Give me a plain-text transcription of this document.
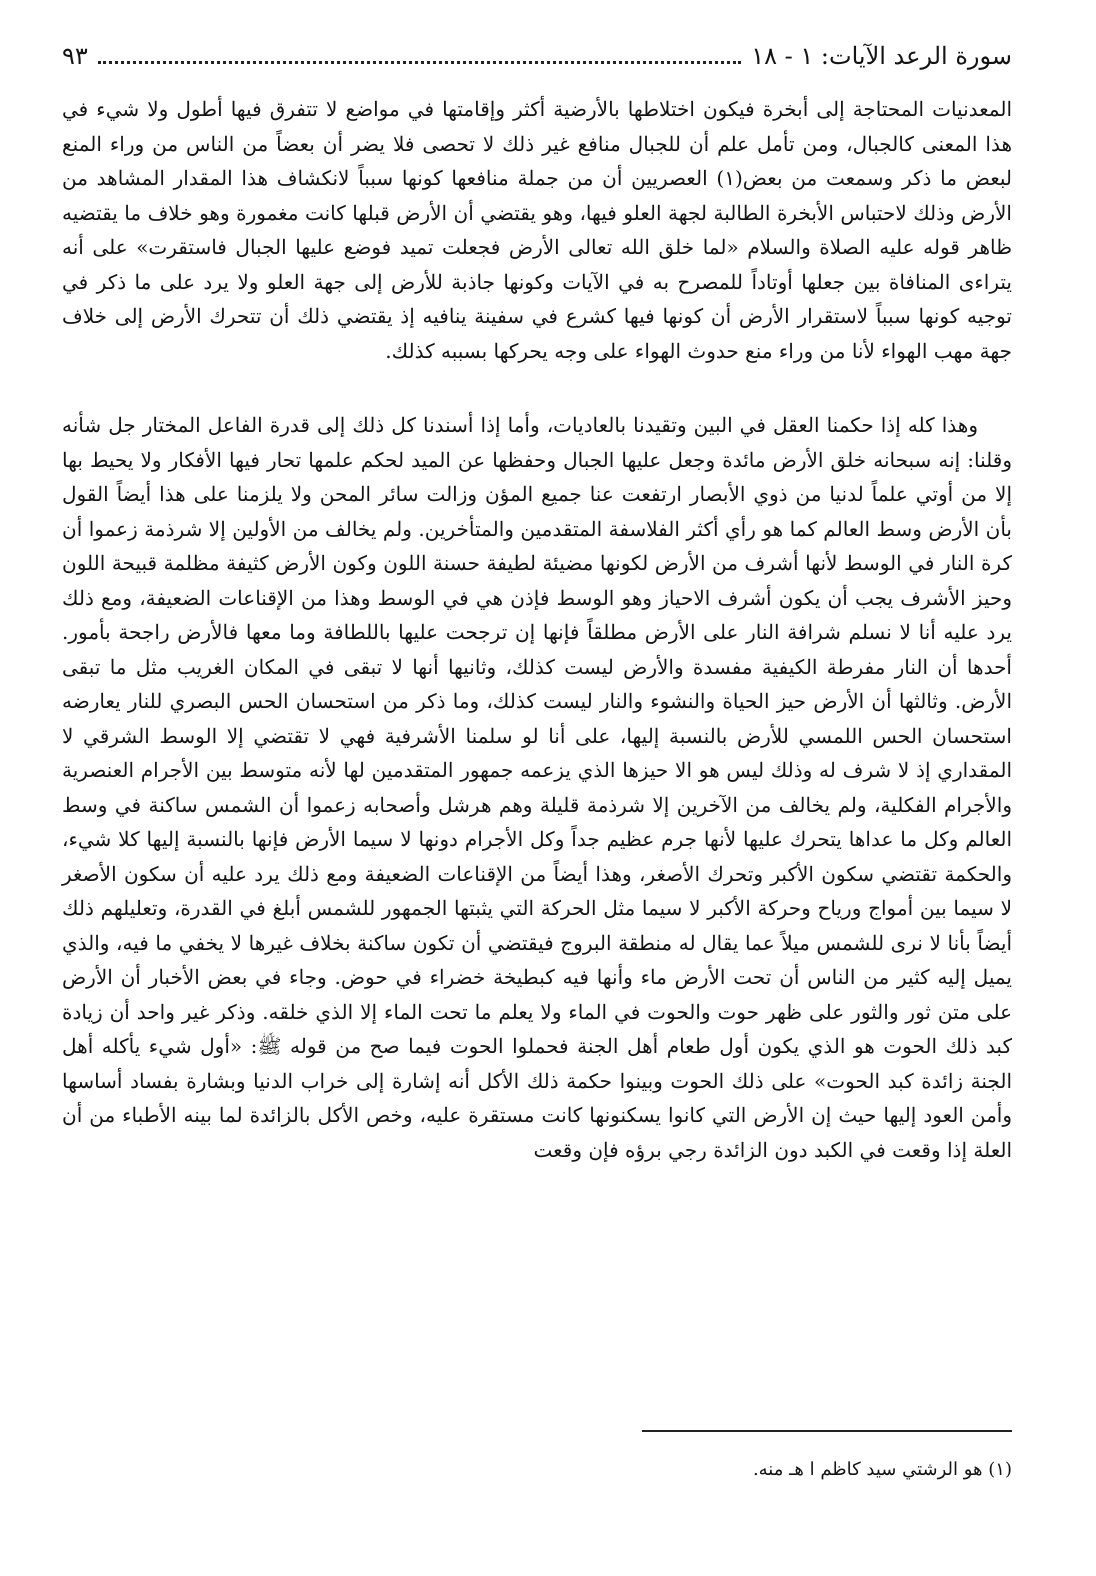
سورة الرعد الآيات: ١ - ١٨
٩٣

المعدنيات المحتاجة إلى أبخرة فيكون اختلاطها بالأرضية أكثر وإقامتها في مواضع لا تتفرق فيها أطول ولا شيء في هذا المعنى كالجبال، ومن تأمل علم أن للجبال منافع غير ذلك لا تحصى فلا يضر أن بعضاً من الناس من وراء المنع لبعض ما ذكر وسمعت من بعض(١) العصريين أن من جملة منافعها كونها سبباً لانكشاف هذا المقدار المشاهد من الأرض وذلك لاحتباس الأبخرة الطالبة لجهة العلو فيها، وهو يقتضي أن الأرض قبلها كانت مغمورة وهو خلاف ما يقتضيه ظاهر قوله عليه الصلاة والسلام «لما خلق الله تعالى الأرض فجعلت تميد فوضع عليها الجبال فاستقرت» على أنه يتراءى المنافاة بين جعلها أوتاداً للمصرح به في الآيات وكونها جاذبة للأرض إلى جهة العلو ولا يرد على ما ذكر في توجيه كونها سبباً لاستقرار الأرض أن كونها فيها كشرع في سفينة ينافيه إذ يقتضي ذلك أن تتحرك الأرض إلى خلاف جهة مهب الهواء لأنا من وراء منع حدوث الهواء على وجه يحركها بسببه كذلك.

وهذا كله إذا حكمنا العقل في البين وتقيدنا بالعاديات، وأما إذا أسندنا كل ذلك إلى قدرة الفاعل المختار جل شأنه وقلنا: إنه سبحانه خلق الأرض مائدة وجعل عليها الجبال وحفظها عن الميد لحكم علمها تحار فيها الأفكار ولا يحيط بها إلا من أوتي علماً لدنيا من ذوي الأبصار ارتفعت عنا جميع المؤن وزالت سائر المحن ولا يلزمنا على هذا أيضاً القول بأن الأرض وسط العالم كما هو رأي أكثر الفلاسفة المتقدمين والمتأخرين. ولم يخالف من الأولين إلا شرذمة زعموا أن كرة النار في الوسط لأنها أشرف من الأرض لكونها مضيئة لطيفة حسنة اللون وكون الأرض كثيفة مظلمة قبيحة اللون وحيز الأشرف يجب أن يكون أشرف الاحياز وهو الوسط فإذن هي في الوسط وهذا من الإقناعات الضعيفة، ومع ذلك يرد عليه أنا لا نسلم شرافة النار على الأرض مطلقاً فإنها إن ترجحت عليها باللطافة وما معها فالأرض راجحة بأمور. أحدها أن النار مفرطة الكيفية مفسدة والأرض ليست كذلك، وثانيها أنها لا تبقى في المكان الغريب مثل ما تبقى الأرض. وثالثها أن الأرض حيز الحياة والنشوء والنار ليست كذلك، وما ذكر من استحسان الحس البصري للنار يعارضه استحسان الحس اللمسي للأرض بالنسبة إليها، على أنا لو سلمنا الأشرفية فهي لا تقتضي إلا الوسط الشرقي لا المقداري إذ لا شرف له وذلك ليس هو الا حيزها الذي يزعمه جمهور المتقدمين لها لأنه متوسط بين الأجرام العنصرية والأجرام الفكلية، ولم يخالف من الآخرين إلا شرذمة قليلة وهم هرشل وأصحابه زعموا أن الشمس ساكنة في وسط العالم وكل ما عداها يتحرك عليها لأنها جرم عظيم جداً وكل الأجرام دونها لا سيما الأرض فإنها بالنسبة إليها كلا شيء، والحكمة تقتضي سكون الأكبر وتحرك الأصغر، وهذا أيضاً من الإقناعات الضعيفة ومع ذلك يرد عليه أن سكون الأصغر لا سيما بين أمواج ورياح وحركة الأكبر لا سيما مثل الحركة التي يثبتها الجمهور للشمس أبلغ في القدرة، وتعليلهم ذلك أيضاً بأنا لا نرى للشمس ميلاً عما يقال له منطقة البروج فيقتضي أن تكون ساكنة بخلاف غيرها لا يخفي ما فيه، والذي يميل إليه كثير من الناس أن تحت الأرض ماء وأنها فيه كبطيخة خضراء في حوض. وجاء في بعض الأخبار أن الأرض على متن ثور والثور على ظهر حوت والحوت في الماء ولا يعلم ما تحت الماء إلا الذي خلقه. وذكر غير واحد أن زيادة كبد ذلك الحوت هو الذي يكون أول طعام أهل الجنة فحملوا الحوت فيما صح من قوله ﷺ: «أول شيء يأكله أهل الجنة زائدة كبد الحوت» على ذلك الحوت وبينوا حكمة ذلك الأكل أنه إشارة إلى خراب الدنيا وبشارة بفساد أساسها وأمن العود إليها حيث إن الأرض التي كانوا يسكنونها كانت مستقرة عليه، وخص الأكل بالزائدة لما بينه الأطباء من أن العلة إذا وقعت في الكبد دون الزائدة رجي برؤه فإن وقعت

(١) هو الرشتي سيد كاظم ا هـ منه.
